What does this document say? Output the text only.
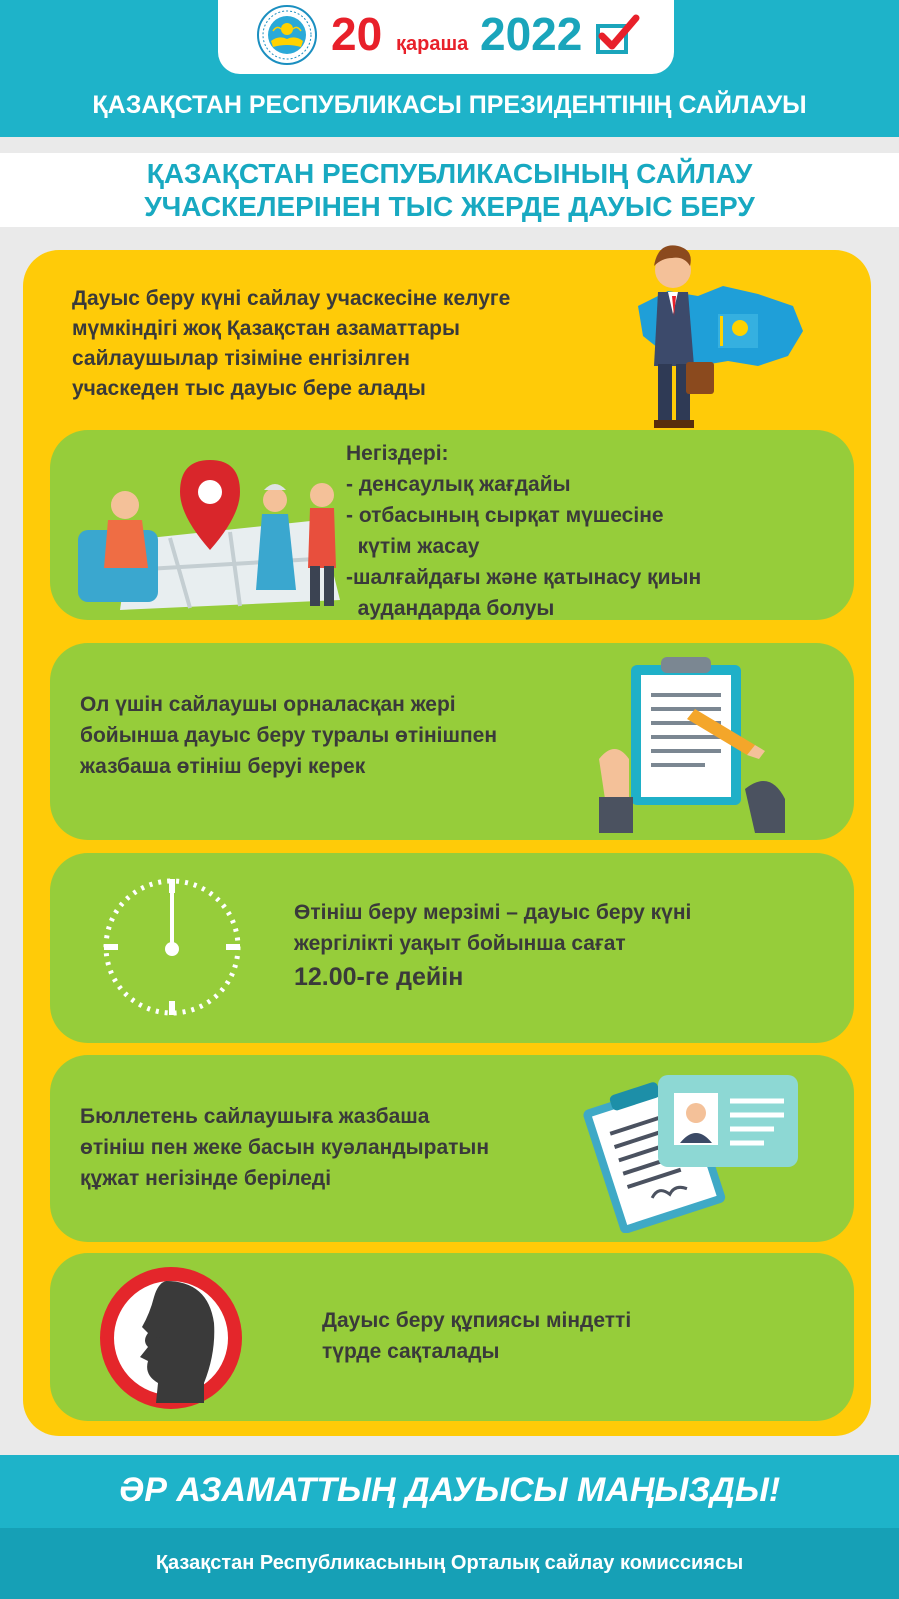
20 қараша 2022
ҚАЗАҚСТАН РЕСПУБЛИКАСЫ ПРЕЗИДЕНТІНІҢ САЙЛАУЫ
ҚАЗАҚСТАН РЕСПУБЛИКАСЫНЫҢ САЙЛАУ
УЧАСКЕЛЕРІНЕН ТЫС ЖЕРДЕ ДАУЫС БЕРУ
Дауыс беру күні сайлау учаскесіне келуге
мүмкіндігі жоқ Қазақстан азаматтары
сайлаушылар тізіміне енгізілген
учаскеден тыс дауыс бере алады
Негіздері:
- денсаулық жағдайы
- отбасының сырқат мүшесіне
күтім жасау
-шалғайдағы және қатынасу қиын
аудандарда болуы
Ол үшін сайлаушы орналасқан жері
бойынша дауыс беру туралы өтінішпен
жазбаша өтініш беруі керек
Өтініш беру мерзімі – дауыс беру күні
жергілікті уақыт бойынша сағат
12.00-ге дейін
Бюллетень сайлаушыға жазбаша
өтініш пен жеке басын куәландыратын
құжат негізінде беріледі
Дауыс беру құпиясы міндетті
түрде сақталады
ӘР АЗАМАТТЫҢ ДАУЫСЫ МАҢЫЗДЫ!
Қазақстан Республикасының Орталық сайлау комиссиясы
